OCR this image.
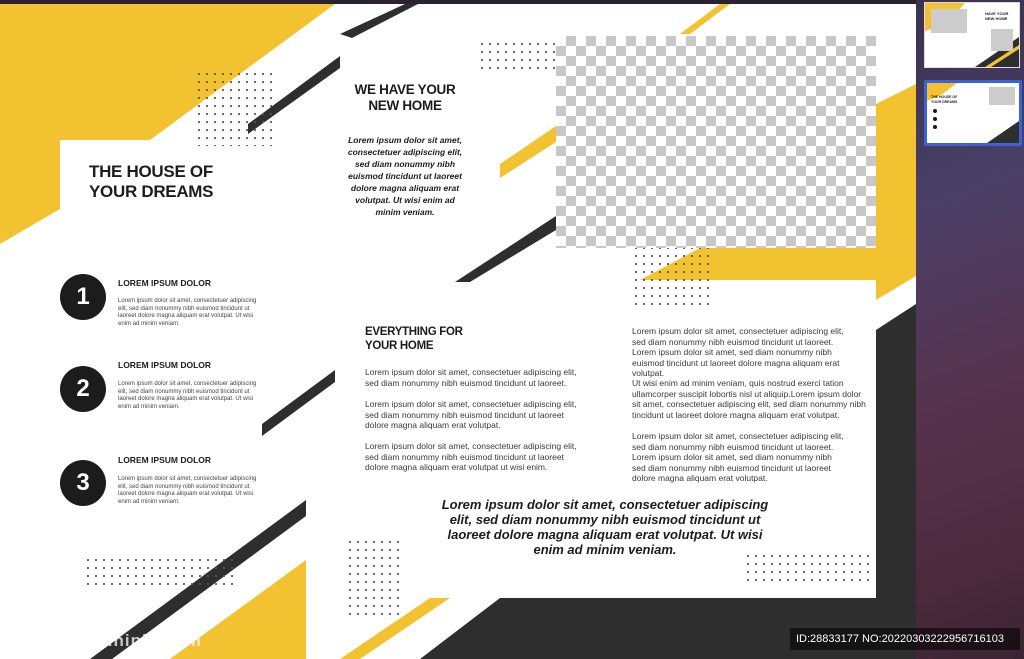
THE HOUSE OF
YOUR DREAMS
1	LOREM IPSUM DOLOR
Lorem ipsum dolor sit amet, consectetuer adipiscing
elit, sed diam nonummy nibh euismod tincidunt ut
laoreet dolore magna aliquam erat volutpat. Ut wisi
enim ad minim veniam.
2
LOREM IPSUM DOLOR
Lorem ipsum dolor sit amet, consectetuer adipiscing
elit, sed diam nonummy nibh euismod tincidunt ut
laoreet dolore magna aliquam erat volutpat. Ut wisi
enim ad minim veniam.
3
LOREM IPSUM DOLOR
Lorem ipsum dolor sit amet, consectetuer adipiscing
elit, sed diam nonummy nibh euismod tincidunt ut
laoreet dolore magna aliquam erat volutpat. Ut wisi
enim ad minim veniam.
WE HAVE YOUR
NEW HOME
Lorem ipsum dolor sit amet,
consectetuer adipiscing elit,
sed diam nonummy nibh
euismod tincidunt ut laoreet
dolore magna aliquam erat
volutpat. Ut wisi enim ad
minim veniam.
EVERYTHING FOR
YOUR HOME
Lorem ipsum dolor sit amet, consectetuer adipiscing elit,
sed diam nonummy nibh euismod tincidunt ut laoreet.
Lorem ipsum dolor sit amet, consectetuer adipiscing elit,
sed diam nonummy nibh euismod tincidunt ut laoreet
dolore magna aliquam erat volutpat.
Lorem ipsum dolor sit amet, consectetuer adipiscing elit,
sed diam nonummy nibh euismod tincidunt ut laoreet
dolore magna aliquam erat volutpat ut wisi enim.
Lorem ipsum dolor sit amet, consectetuer adipiscing
elit, sed diam nonummy nibh euismod tincidunt ut
laoreet dolore magna aliquam erat volutpat. Ut wisi
enim ad minim veniam.
Lorem ipsum dolor sit amet, consectetuer adipiscing elit,
sed diam nonummy nibh euismod tincidunt ut laoreet.
Lorem ipsum dolor sit amet, sed diam nonummy nibh
euismod tincidunt ut laoreet dolore magna aliquam erat
volutpat.
Ut wisi enim ad minim veniam, quis nostrud exerci tation
ullamcorper suscipit lobortis nisl ut aliquip.Lorem ipsum dolor
sit amet, consectetuer adipiscing elit, sed diam nonummy nibh
tincidunt ut laoreet dolore magna aliquam erat volutpat.
Lorem ipsum dolor sit amet, consectetuer adipiscing elit,
sed diam nonummy nibh euismod tincidunt ut laoreet.
Lorem ipsum dolor sit amet, sed diam nonummy nibh
sed diam nonummy nibh euismod tincidunt ut laoreet
dolore magna aliquam erat volutpat.
HAVE YOUR
NEW HOME
THE HOUSE OF
YOUR DREAMS
昵图网 www.nipic.com	ID:28833177 NO:20220303222956716103
